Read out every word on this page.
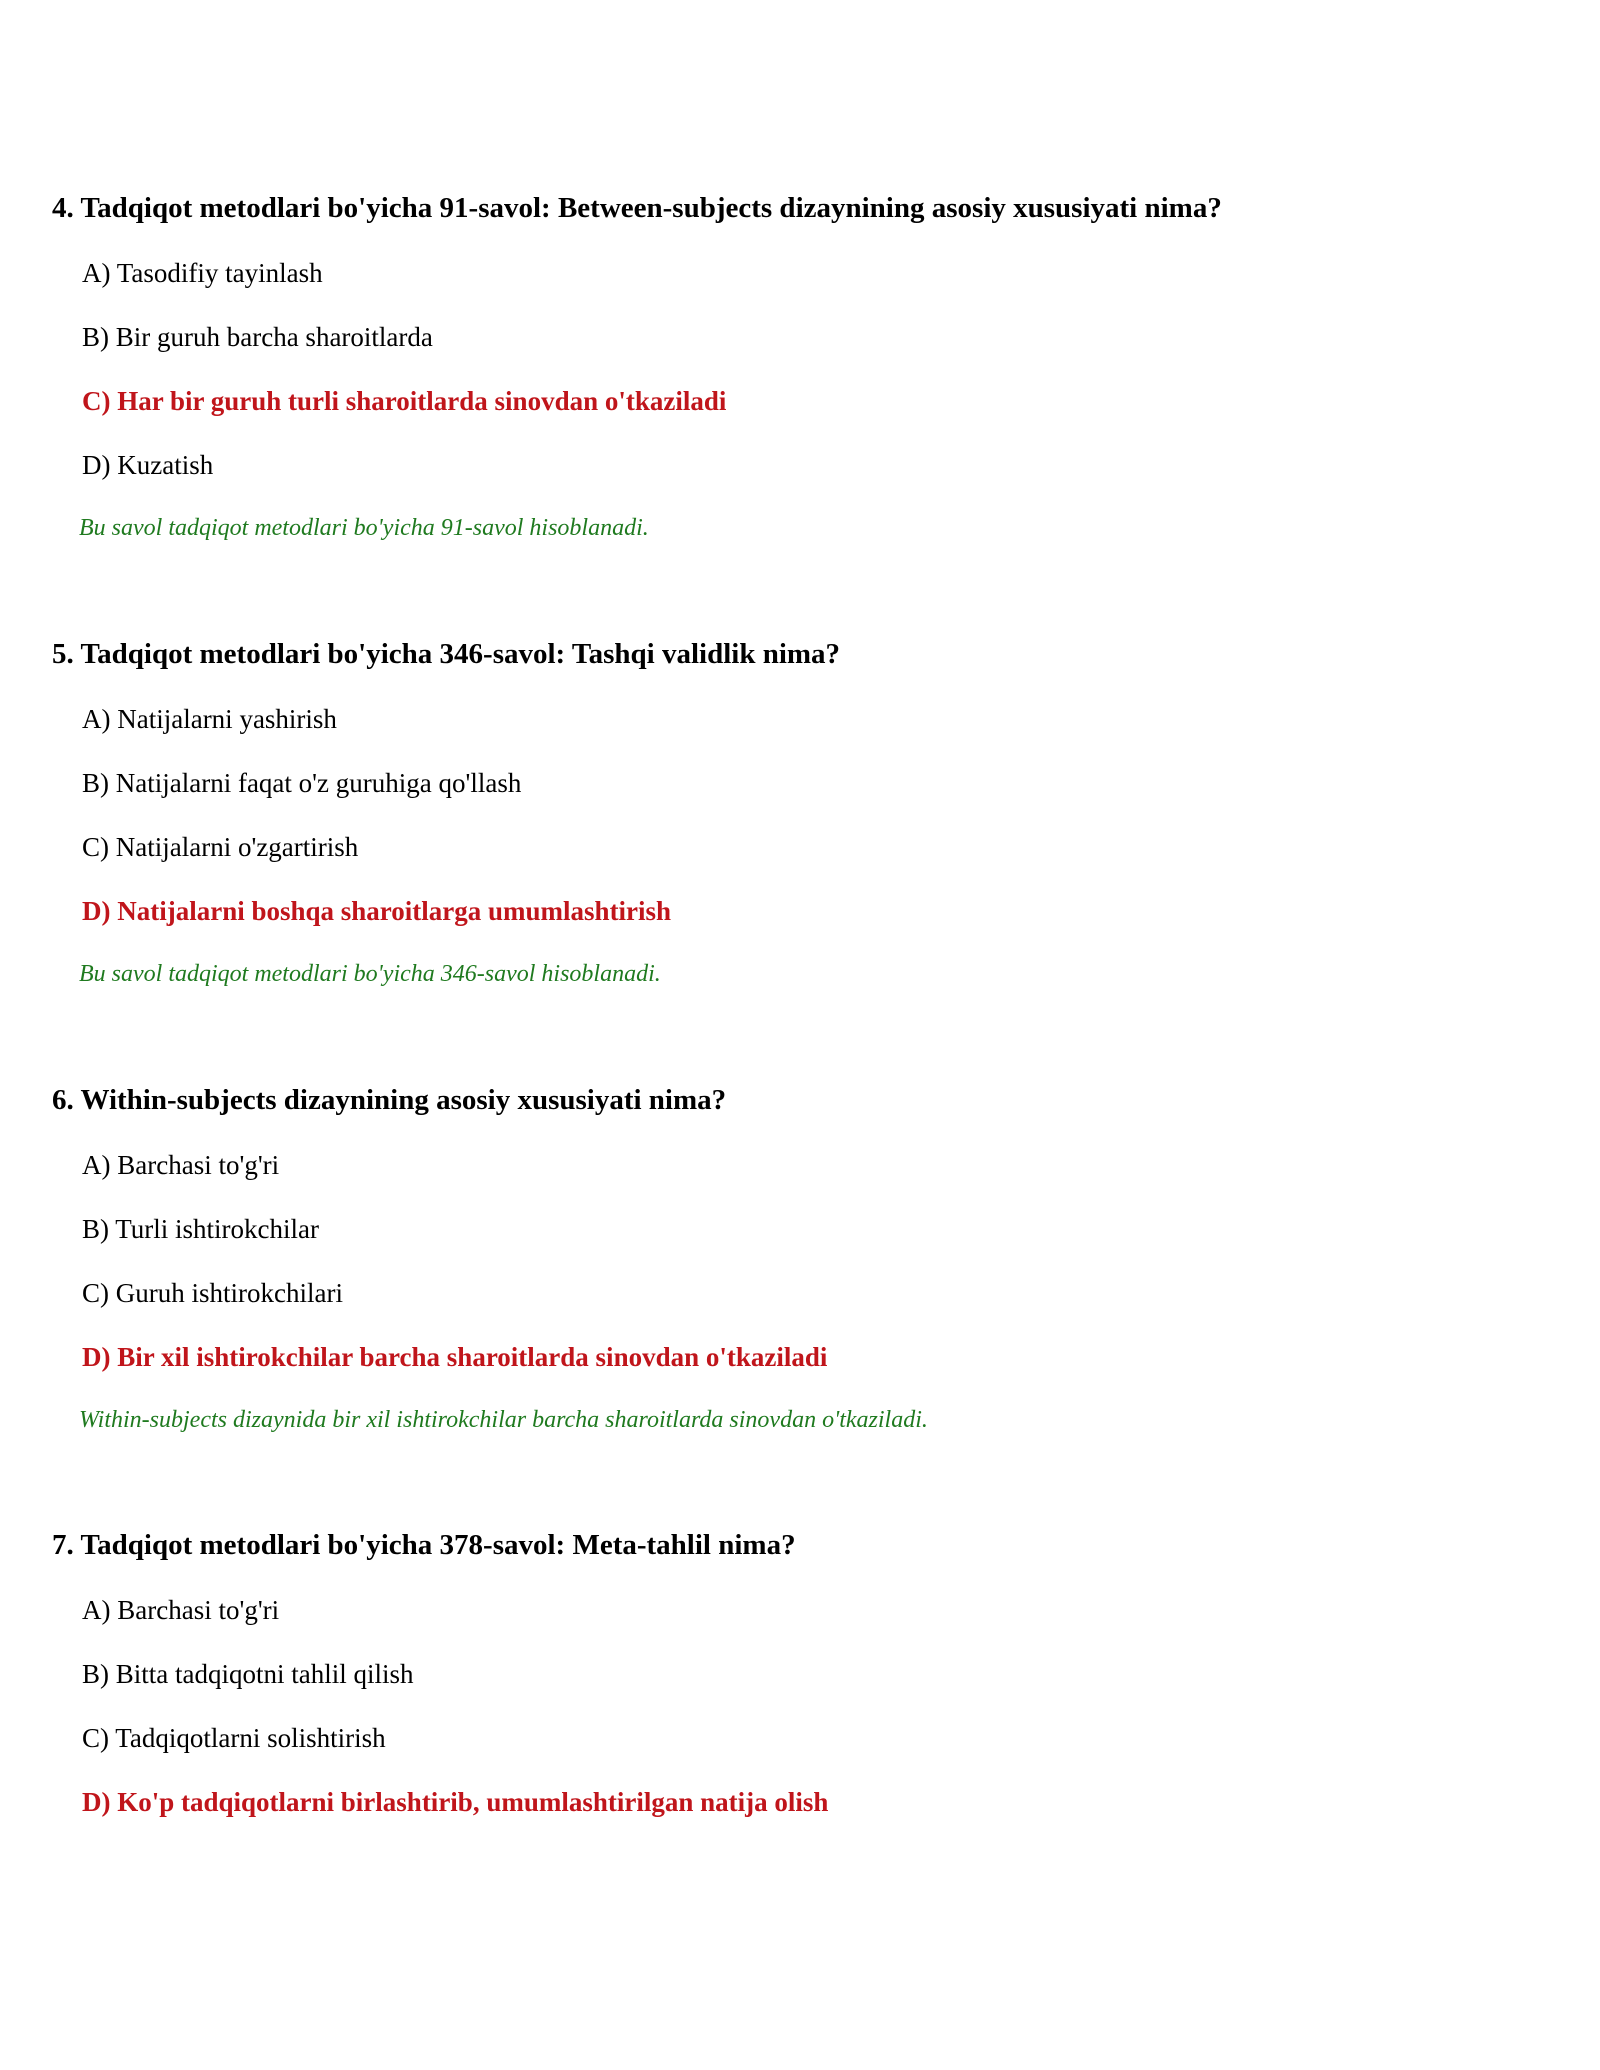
4. Tadqiqot metodlari bo'yicha 91-savol: Between-subjects dizaynining asosiy xususiyati nima?
A) Tasodifiy tayinlash
B) Bir guruh barcha sharoitlarda
C) Har bir guruh turli sharoitlarda sinovdan o'tkaziladi
D) Kuzatish
Bu savol tadqiqot metodlari bo'yicha 91-savol hisoblanadi.
5. Tadqiqot metodlari bo'yicha 346-savol: Tashqi validlik nima?
A) Natijalarni yashirish
B) Natijalarni faqat o'z guruhiga qo'llash
C) Natijalarni o'zgartirish
D) Natijalarni boshqa sharoitlarga umumlashtirish
Bu savol tadqiqot metodlari bo'yicha 346-savol hisoblanadi.
6. Within-subjects dizaynining asosiy xususiyati nima?
A) Barchasi to'g'ri
B) Turli ishtirokchilar
C) Guruh ishtirokchilari
D) Bir xil ishtirokchilar barcha sharoitlarda sinovdan o'tkaziladi
Within-subjects dizaynida bir xil ishtirokchilar barcha sharoitlarda sinovdan o'tkaziladi.
7. Tadqiqot metodlari bo'yicha 378-savol: Meta-tahlil nima?
A) Barchasi to'g'ri
B) Bitta tadqiqotni tahlil qilish
C) Tadqiqotlarni solishtirish
D) Ko'p tadqiqotlarni birlashtirib, umumlashtirilgan natija olish
